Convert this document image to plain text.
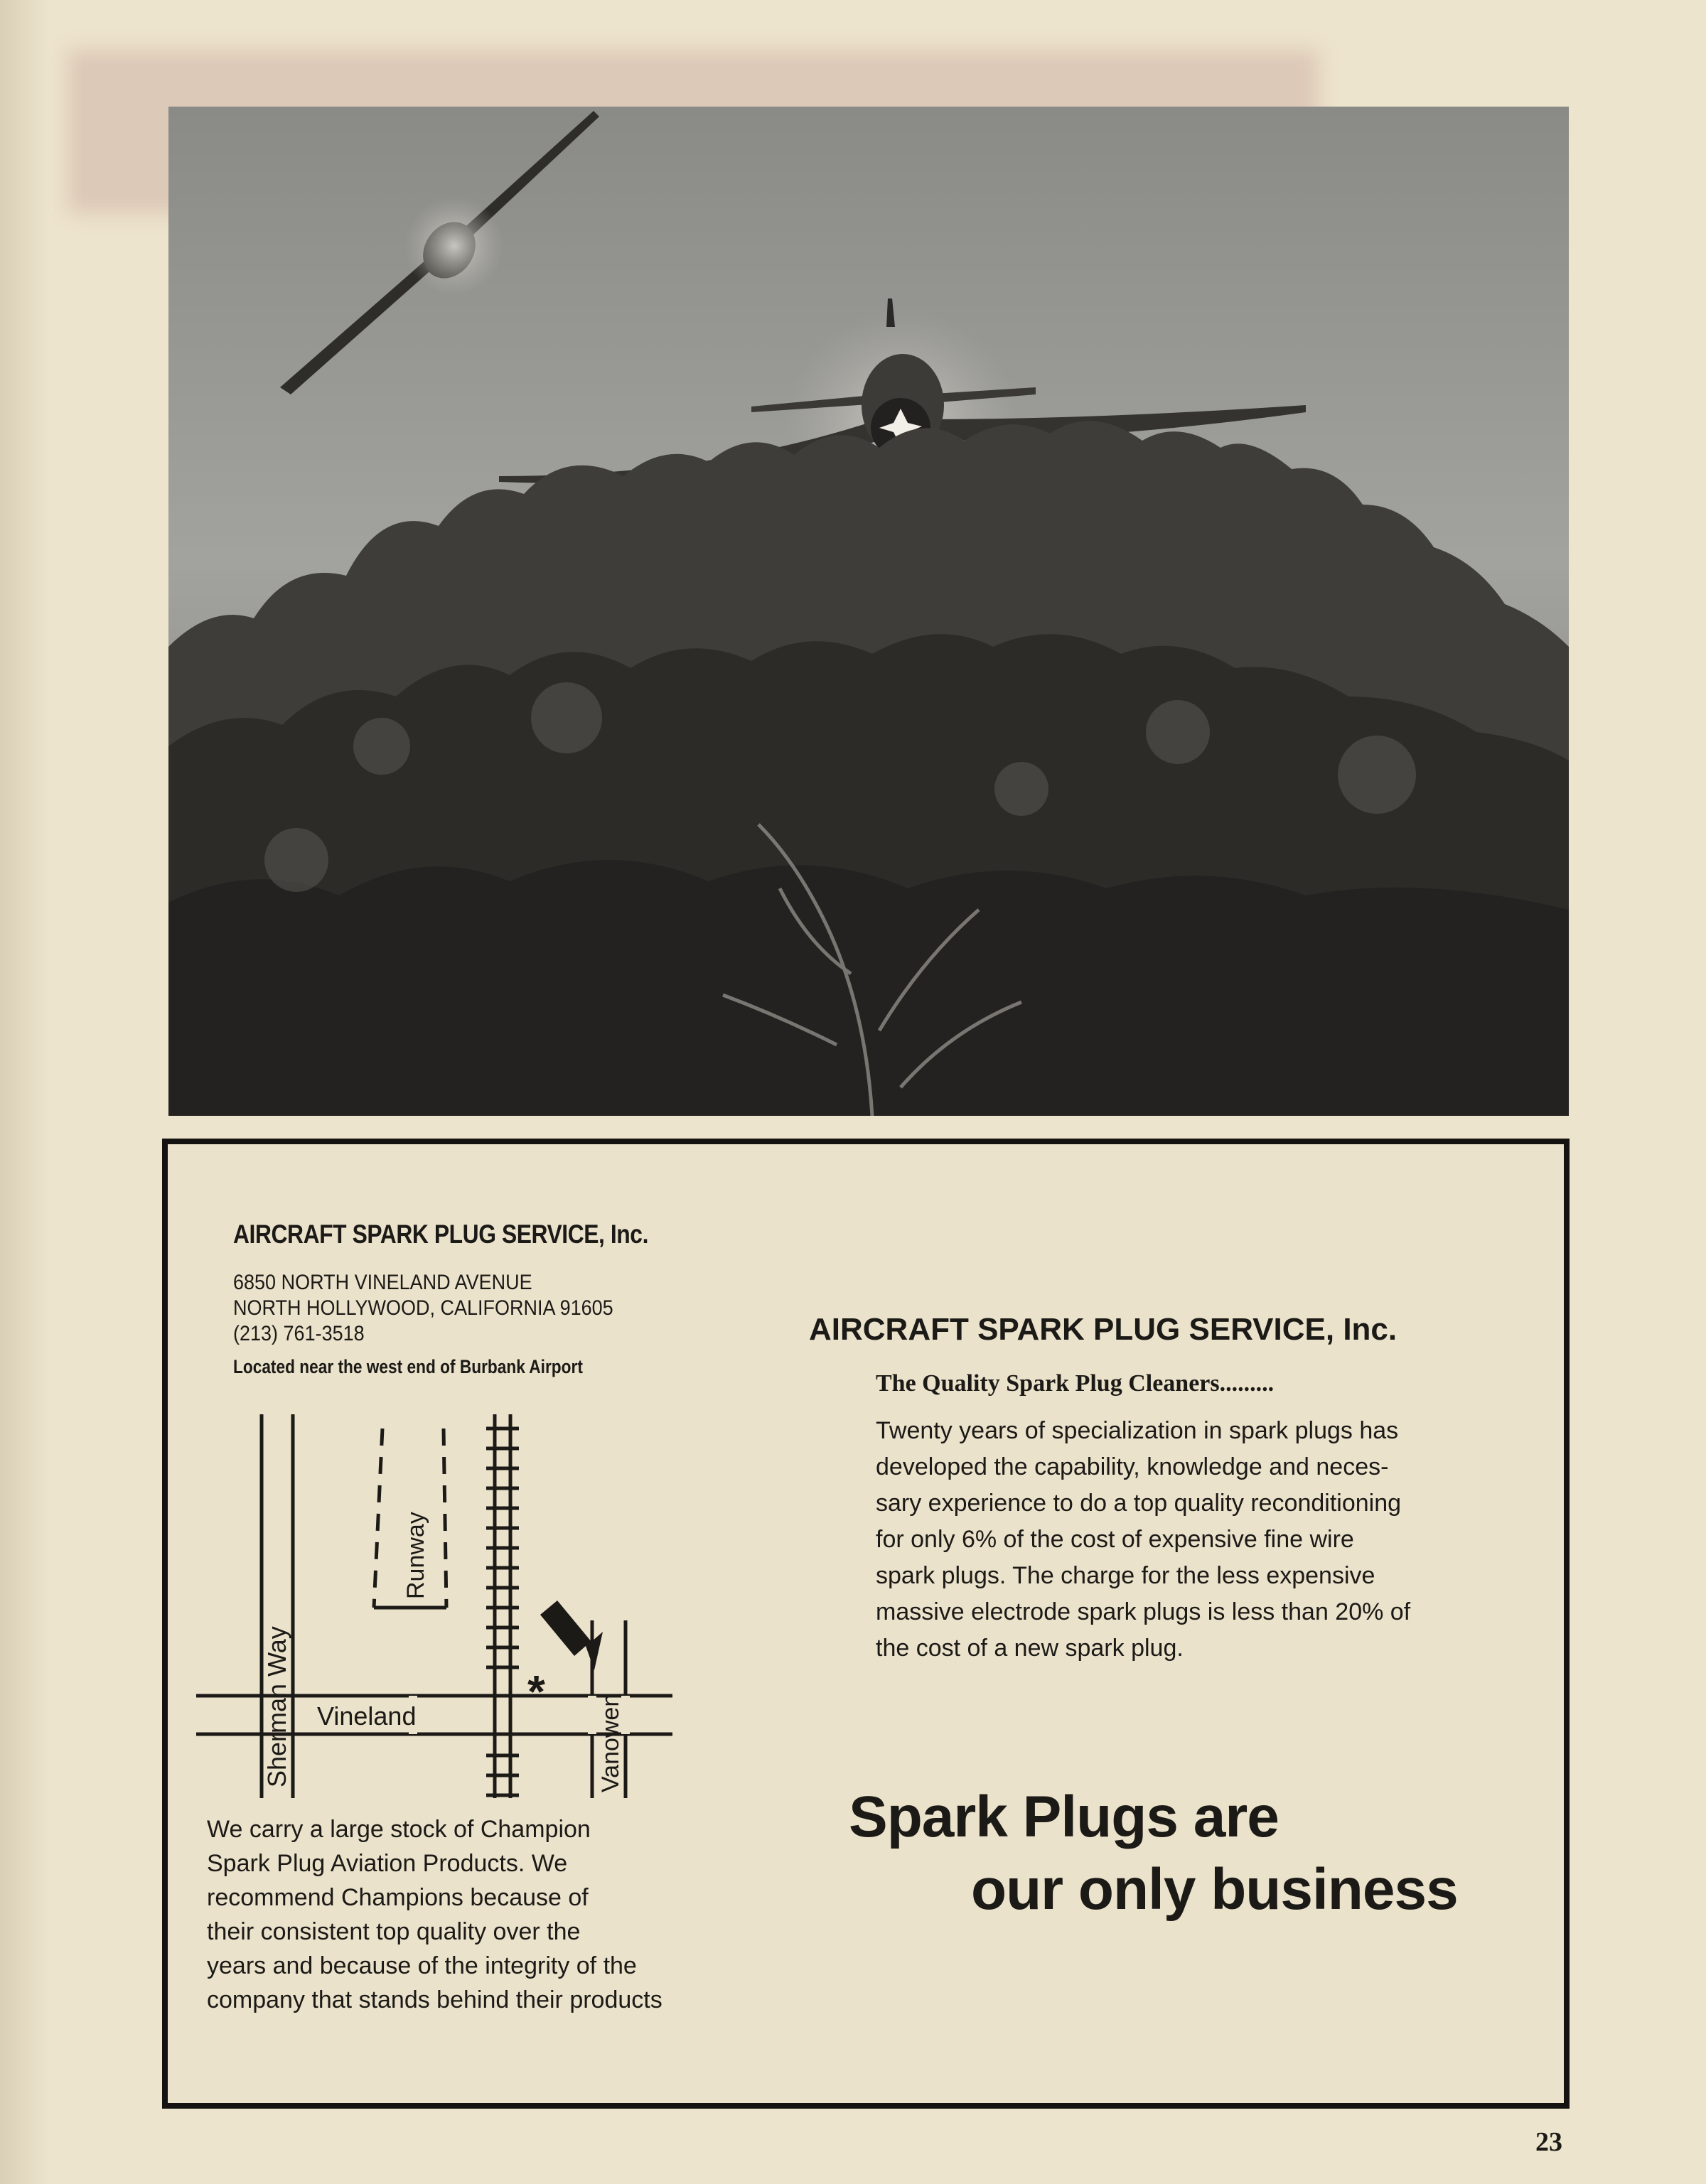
AIRCRAFT SPARK PLUG SERVICE, Inc.
6850 NORTH VINELAND AVENUE
NORTH HOLLYWOOD, CALIFORNIA 91605
(213) 761-3518
Located near the west end of Burbank Airport
Sherman Way Vineland
Runway
Vanowen
*
AIRCRAFT SPARK PLUG SERVICE, Inc.
The Quality Spark Plug Cleaners.........
Twenty years of specialization in spark plugs has
developed the capability, knowledge and neces-
sary experience to do a top quality reconditioning
for only 6% of the cost of expensive fine wire
spark plugs. The charge for the less expensive
massive electrode spark plugs is less than 20% of
the cost of a new spark plug.
Spark Plugs are
our only business
We carry a large stock of Champion
Spark Plug Aviation Products. We
recommend Champions because of
their consistent top quality over the
years and because of the integrity of the
company that stands behind their products
23
